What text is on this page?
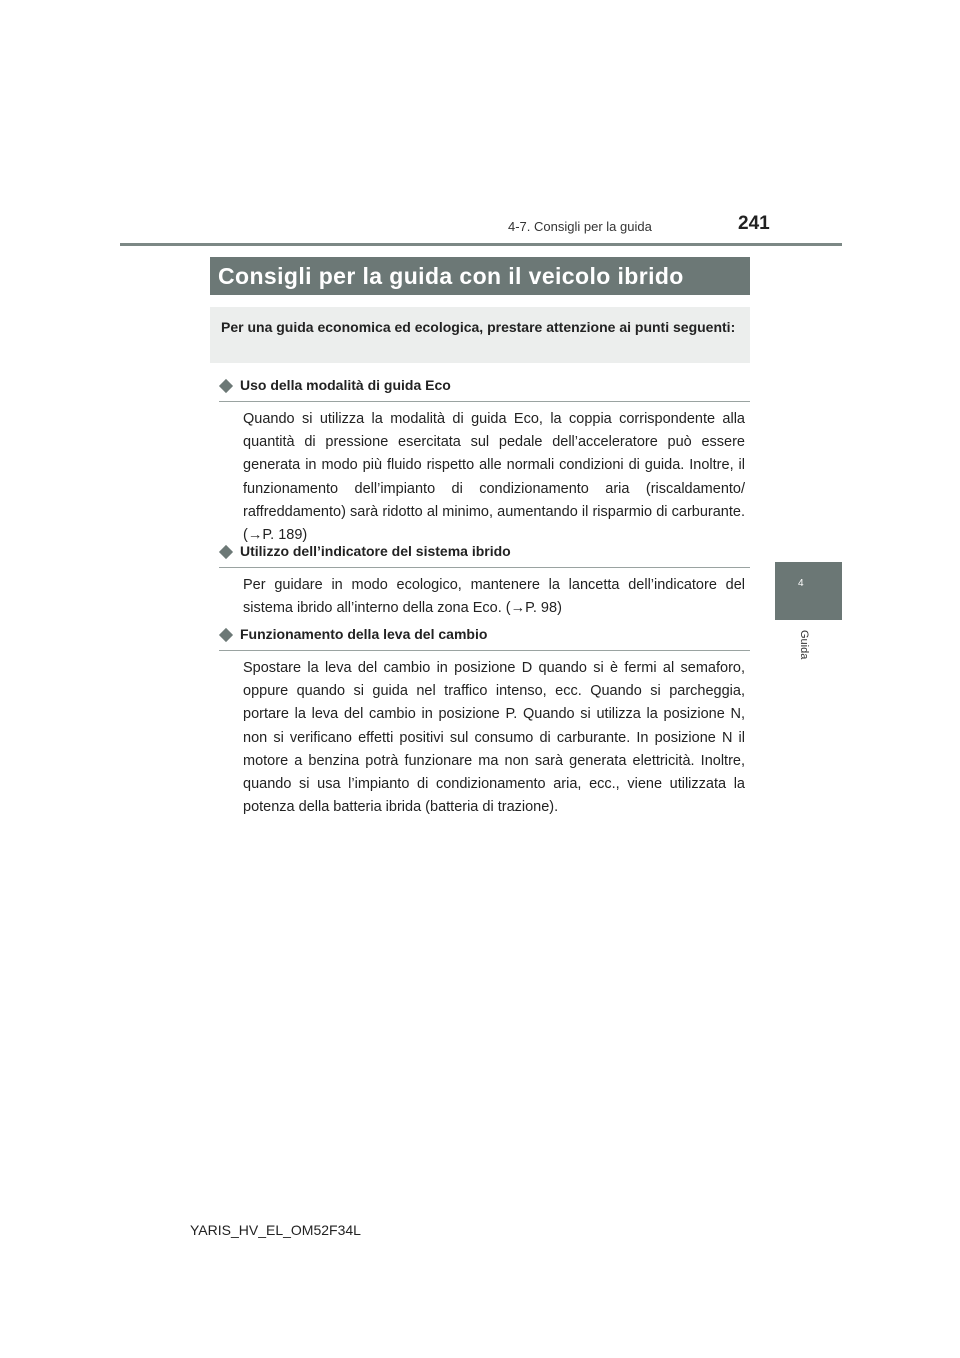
4-7. Consigli per la guida	241
4
Guida
Consigli per la guida con il veicolo ibrido
Per una guida economica ed ecologica, prestare attenzione ai punti seguenti:
Uso della modalità di guida Eco
Quando si utilizza la modalità di guida Eco, la coppia corrispondente alla quantità di pressione esercitata sul pedale dell’acceleratore può essere generata in modo più fluido rispetto alle normali condizioni di guida. Inoltre, il funzionamento dell’impianto di condizionamento aria (riscaldamento/ raffreddamento) sarà ridotto al minimo, aumentando il risparmio di carburante. (→P. 189)
Utilizzo dell’indicatore del sistema ibrido
Per guidare in modo ecologico, mantenere la lancetta dell’indicatore del sistema ibrido all’interno della zona Eco. (→P. 98)
Funzionamento della leva del cambio
Spostare la leva del cambio in posizione D quando si è fermi al semaforo, oppure quando si guida nel traffico intenso, ecc. Quando si parcheggia, portare la leva del cambio in posizione P. Quando si utilizza la posizione N, non si verificano effetti positivi sul consumo di carburante. In posizione N il motore a benzina potrà funzionare ma non sarà generata elettricità. Inoltre, quando si usa l’impianto di condizionamento aria, ecc., viene utilizzata la potenza della batteria ibrida (batteria di trazione).
YARIS_HV_EL_OM52F34L
